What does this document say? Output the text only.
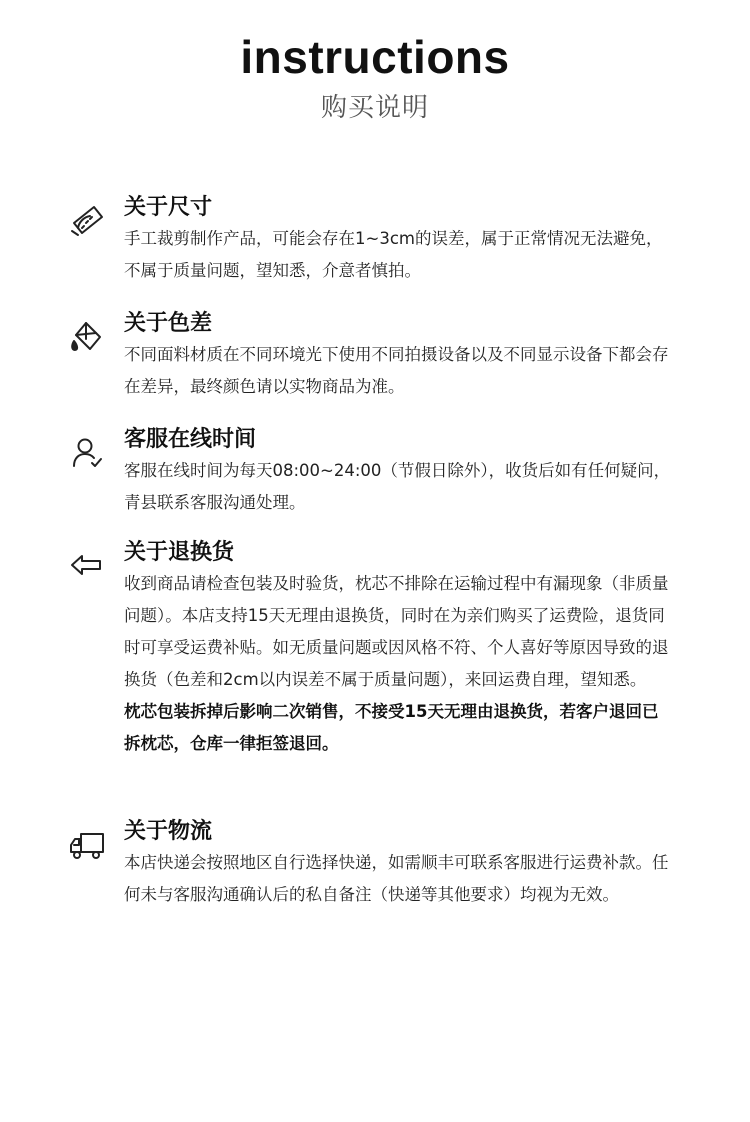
instructions
购买说明
关于尺寸

手工裁剪制作产品，可能会存在1~3cm的误差，属于正常情况无法避免，不属于质量问题，望知悉，介意者慎拍。

关于色差

不同面料材质在不同环境光下使用不同拍摄设备以及不同显示设备下都会存在差异，最终颜色请以实物商品为准。

客服在线时间

客服在线时间为每天08:00~24:00（节假日除外），收货后如有任何疑问，青县联系客服沟通处理。

关于退换货

收到商品请检查包装及时验货，枕芯不排除在运输过程中有漏现象（非质量问题）。本店支持15天无理由退换货，同时在为亲们购买了运费险，退货同时可享受运费补贴。如无质量问题或因风格不符、个人喜好等原因导致的退换货（色差和2cm以内误差不属于质量问题），来回运费自理，望知悉。

枕芯包装拆掉后影响二次销售，不接受15天无理由退换货，若客户退回已拆枕芯，仓库一律拒签退回。

关于物流

本店快递会按照地区自行选择快递，如需顺丰可联系客服进行运费补款。任何未与客服沟通确认后的私自备注（快递等其他要求）均视为无效。
